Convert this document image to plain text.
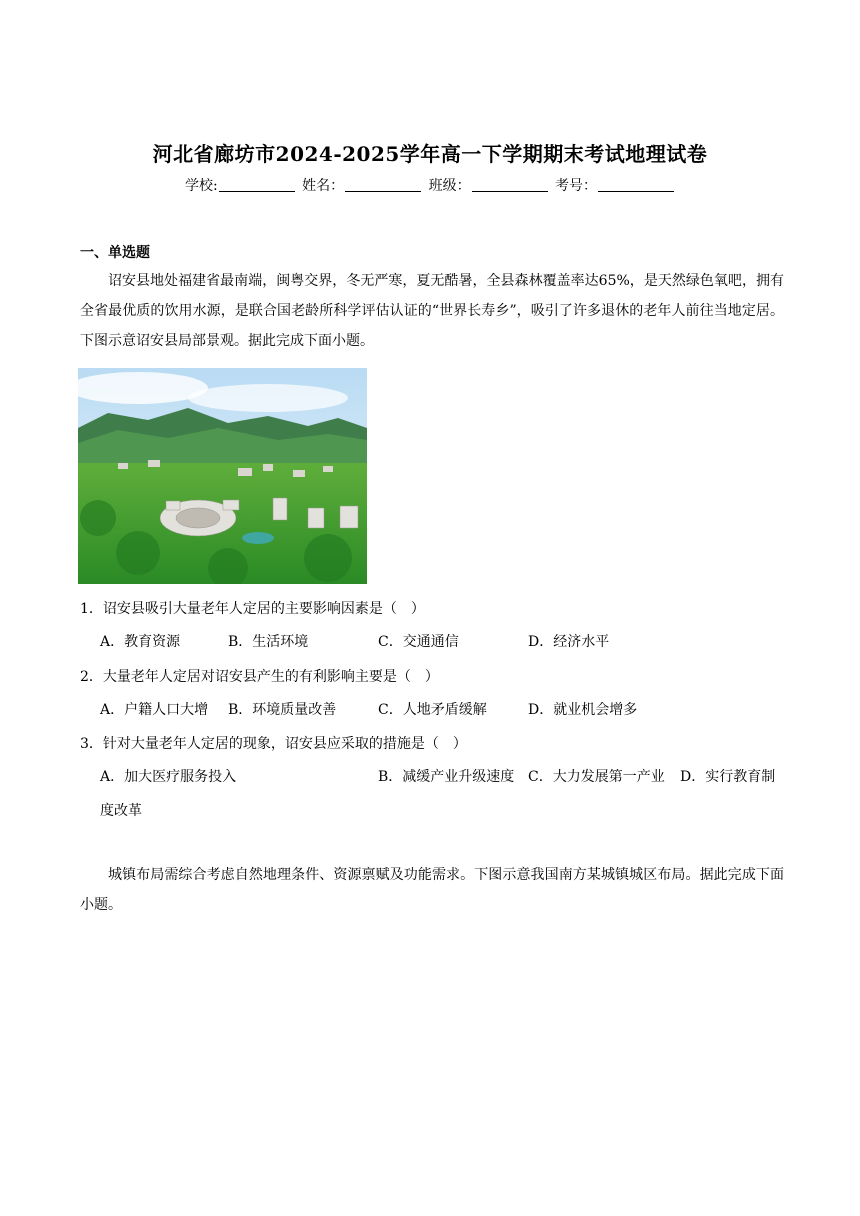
河北省廊坊市2024-2025学年高一下学期期末考试地理试卷
学校:	姓名：	班级：	考号：
一、单选题
诏安县地处福建省最南端，闽粤交界，冬无严寒，夏无酷暑，全县森林覆盖率达65%，是天然绿色氧吧，拥有全省最优质的饮用水源，是联合国老龄所科学评估认证的“世界长寿乡”，吸引了许多退休的老年人前往当地定居。下图示意诏安县局部景观。据此完成下面小题。
1．诏安县吸引大量老年人定居的主要影响因素是（　）
A．教育资源	B．生活环境	C．交通通信	D．经济水平
2．大量老年人定居对诏安县产生的有利影响主要是（　）
A．户籍人口大增 B．环境质量改善	C．人地矛盾缓解	D．就业机会增多
3．针对大量老年人定居的现象，诏安县应采取的措施是（　）
A．加大医疗服务投入	B．减缓产业升级速度 C．大力发展第一产业 D．实行教育制
度改革
城镇布局需综合考虑自然地理条件、资源禀赋及功能需求。下图示意我国南方某城镇城区布局。据此完成下面小题。
